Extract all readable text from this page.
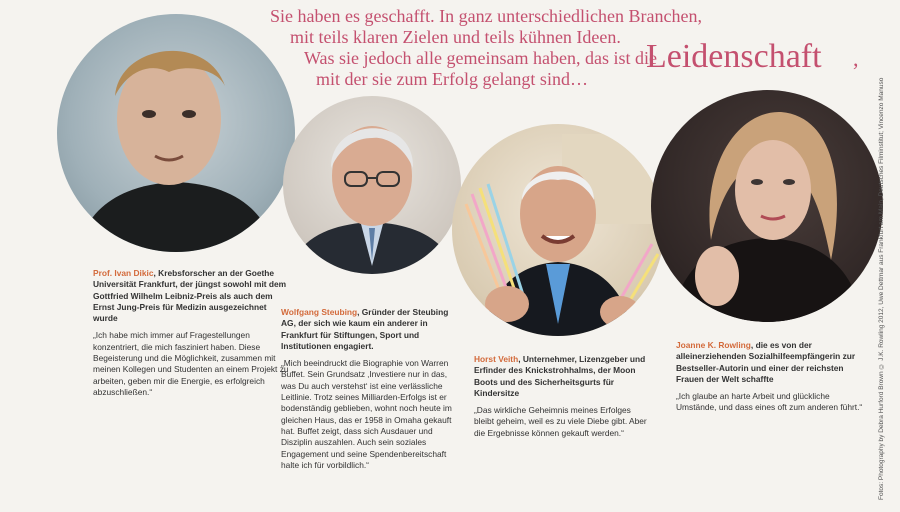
Sie haben es geschafft. In ganz unterschiedlichen Branchen,
mit teils klaren Zielen und teils kühnen Ideen.
Was sie jedoch alle gemeinsam haben, das ist die
Leidenschaft ,
mit der sie zum Erfolg gelangt sind…
Prof. Ivan Dikic, Krebsforscher an der Goethe Universität Frankfurt, der jüngst sowohl mit dem Gottfried Wilhelm Leibniz-Preis als auch dem Ernst Jung-Preis für Medizin ausgezeichnet wurde
„Ich habe mich immer auf Fragestellungen konzentriert, die mich fasziniert haben. Diese Begeisterung und die Möglichkeit, zusammen mit meinen Kollegen und Studenten an einem Projekt zu arbeiten, geben mir die Energie, es erfolgreich abzuschließen.“
Wolfgang Steubing, Gründer der Steubing AG, der sich wie kaum ein anderer in Frankfurt für Stiftungen, Sport und Institutionen engagiert.
„Mich beeindruckt die Biographie von Warren Buffet. Sein Grundsatz ‚Investiere nur in das, was Du auch verstehst‘ ist eine verlässliche Leitlinie. Trotz seines Milliarden-Erfolgs ist er bodenständig geblieben, wohnt noch heute im gleichen Haus, das er 1958 in Omaha gekauft hat. Buffet zeigt, dass sich Ausdauer und Disziplin auszahlen. Auch sein soziales Engagement und seine Spendenbereitschaft halte ich für vorbildlich.“
Horst Veith, Unternehmer, Lizenzgeber und Erfinder des Knickstrohhalms, der Moon Boots und des Sicherheitsgurts für Kindersitze
„Das wirkliche Geheimnis meines Erfolges bleibt geheim, weil es zu viele Diebe gibt. Aber die Ergebnisse können gekauft werden.“
Joanne K. Rowling, die es von der alleinerziehenden Sozialhilfeempfängerin zur Bestseller-Autorin und einer der reichsten Frauen der Welt schaffte
„Ich glaube an harte Arbeit und glückliche Umstände, und dass eines oft zum anderen führt.“	Fotos: Photography by Debra Hurford Brown © J.K. Rowling 2012, Uwe Dettmar aus Frankfurt am Main, Deutsches Filminstitut; Vincenzo Manuso
